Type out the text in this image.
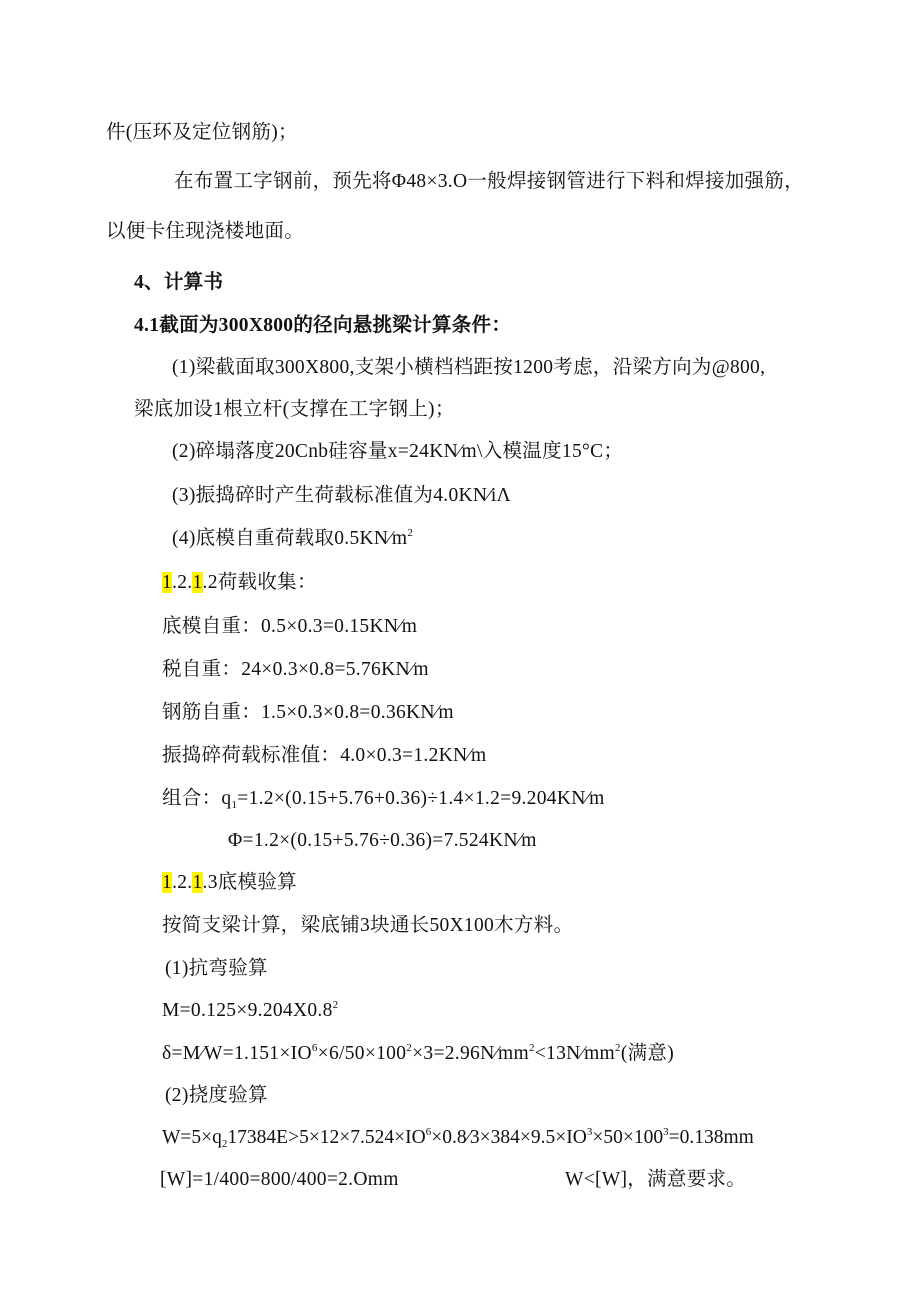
件(压环及定位钢筋)；
在布置工字钢前，预先将Φ48×3.O一般焊接钢管进行下料和焊接加强筋，
以便卡住现浇楼地面。
4、计算书
4.1截面为300X800的径向悬挑梁计算条件：
(1)梁截面取300X800,支架小横档档距按1200考虑，沿梁方向为@800,
梁底加设1根立杆(支撑在工字钢上)；
(2)碎塌落度20Cnb硅容量x=24KN∕m\入模温度15°C；
(3)振捣碎时产生荷载标准值为4.0KN∕iΛ
(4)底模自重荷载取$0.5KN∕m^2$
1.2.1.2荷载收集：
底模自重：0.5×0.3=0.15KN∕m
税自重：24×0.3×0.8=5.76KN∕m
钢筋自重：1.5×0.3×0.8=0.36KN∕m
振捣碎荷载标准值：4.0×0.3=1.2KN∕m
组合：$q_1=1.2\times(0.15+5.76+0.36)\div 1.4\times 1.2=9.204KN∕m$
Φ=1.2×(0.15+5.76÷0.36)=7.524KN∕m
1.2.1.3底模验算
按简支梁计算，梁底铺3块通长50X100木方料。
(1)抗弯验算
$M=0.125\times 9.204X0.8^2$
$\delta=M∕W=1.151\times IO^6\times 6/50\times 100^2\times 3=2.96N∕mm^2<13N∕mm^2$(满意)
(2)挠度验算
$W=5\times q_217384E>5\times 12\times 7.524\times IO^6\times 0.8∕3\times 384\times 9.5\times IO^3\times 50\times 100^3=0.138mm$
[W]=1/400=800/400=2.Omm	W<[W]，满意要求。
